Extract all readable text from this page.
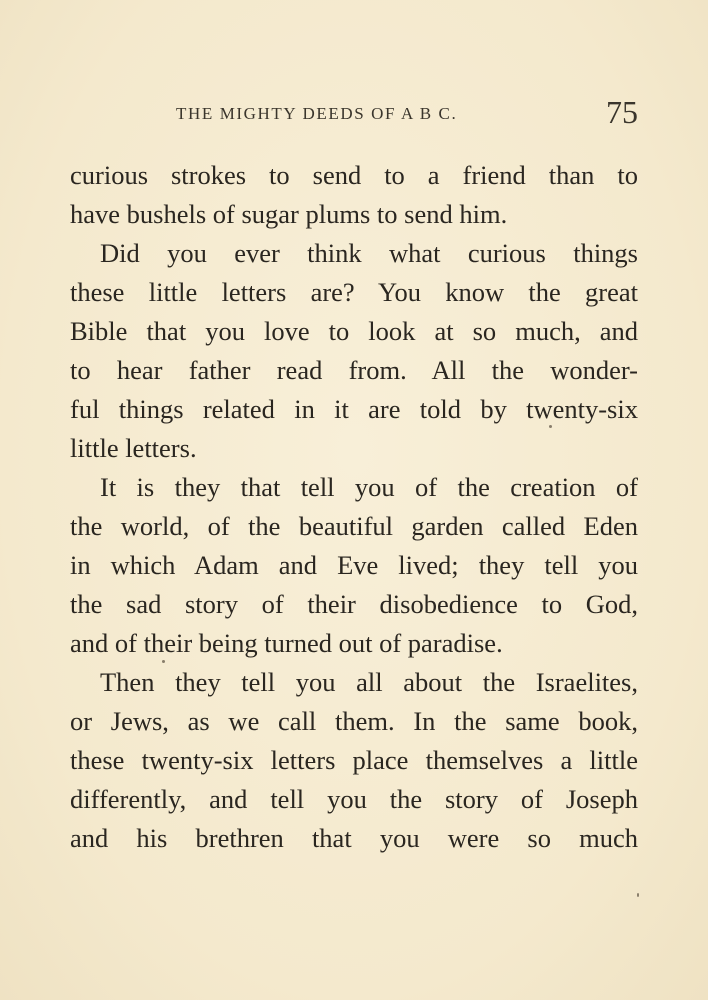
THE MIGHTY DEEDS OF A B C.	75
curious strokes to send to a friend than to
have bushels of sugar plums to send him.
Did you ever think what curious things
these little letters are? You know the great
Bible that you love to look at so much, and
to hear father read from. All the wonder-
ful things related in it are told by twenty-six
little letters.
It is they that tell you of the creation of
the world, of the beautiful garden called Eden
in which Adam and Eve lived; they tell you
the sad story of their disobedience to God,
and of their being turned out of paradise.
Then they tell you all about the Israelites,
or Jews, as we call them. In the same book,
these twenty-six letters place themselves a little
differently, and tell you the story of Joseph
and his brethren that you were so much
